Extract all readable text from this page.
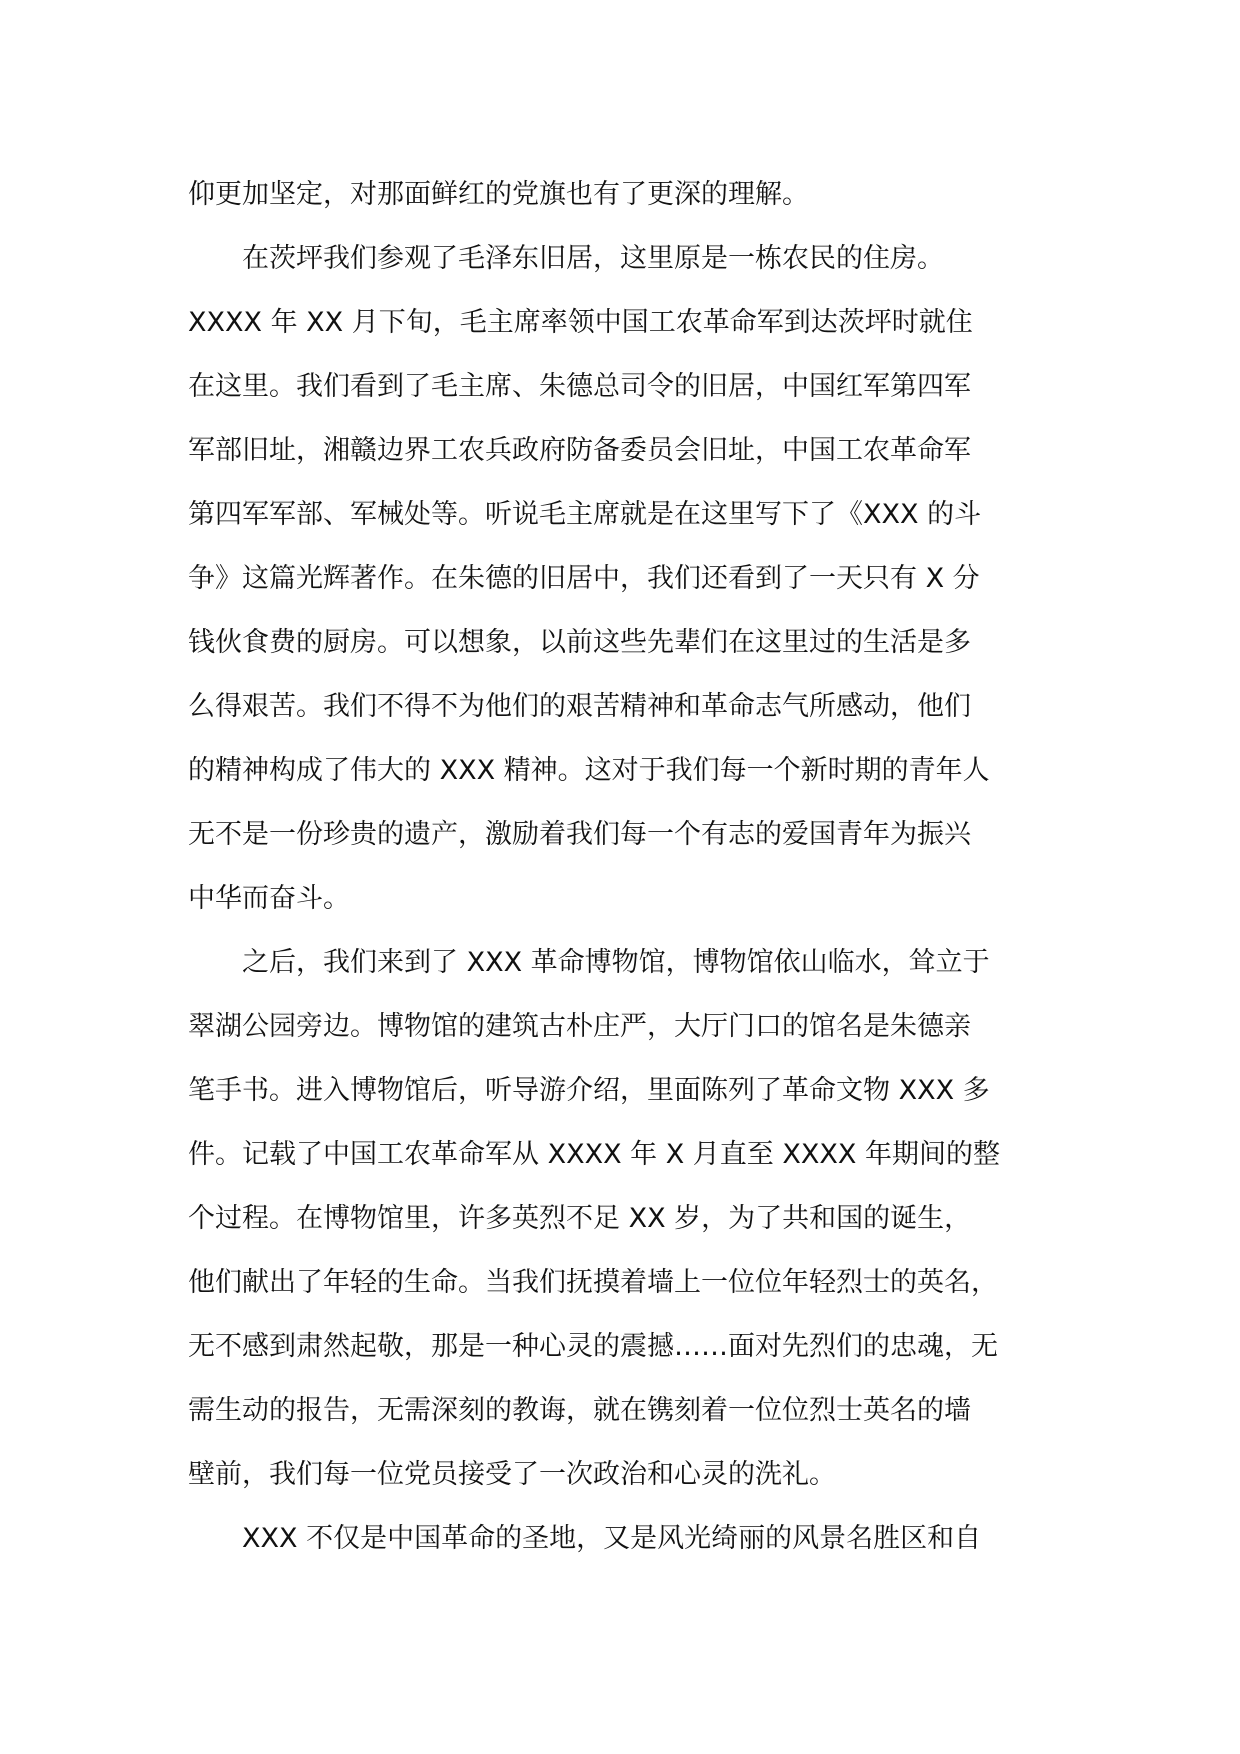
仰更加坚定，对那面鲜红的党旗也有了更深的理解。
　　在茨坪我们参观了毛泽东旧居，这里原是一栋农民的住房。
XXXX 年 XX 月下旬，毛主席率领中国工农革命军到达茨坪时就住
在这里。我们看到了毛主席、朱德总司令的旧居，中国红军第四军
军部旧址，湘赣边界工农兵政府防备委员会旧址，中国工农革命军
第四军军部、军械处等。听说毛主席就是在这里写下了《XXX 的斗
争》这篇光辉著作。在朱德的旧居中，我们还看到了一天只有 X 分
钱伙食费的厨房。可以想象，以前这些先辈们在这里过的生活是多
么得艰苦。我们不得不为他们的艰苦精神和革命志气所感动，他们
的精神构成了伟大的 XXX 精神。这对于我们每一个新时期的青年人
无不是一份珍贵的遗产，激励着我们每一个有志的爱国青年为振兴
中华而奋斗。
　　之后，我们来到了 XXX 革命博物馆，博物馆依山临水，耸立于
翠湖公园旁边。博物馆的建筑古朴庄严，大厅门口的馆名是朱德亲
笔手书。进入博物馆后，听导游介绍，里面陈列了革命文物 XXX 多
件。记载了中国工农革命军从 XXXX 年 X 月直至 XXXX 年期间的整
个过程。在博物馆里，许多英烈不足 XX 岁，为了共和国的诞生，
他们献出了年轻的生命。当我们抚摸着墙上一位位年轻烈士的英名，
无不感到肃然起敬，那是一种心灵的震撼……面对先烈们的忠魂，无
需生动的报告，无需深刻的教诲，就在镌刻着一位位烈士英名的墙
壁前，我们每一位党员接受了一次政治和心灵的洗礼。
　　XXX 不仅是中国革命的圣地，又是风光绮丽的风景名胜区和自
